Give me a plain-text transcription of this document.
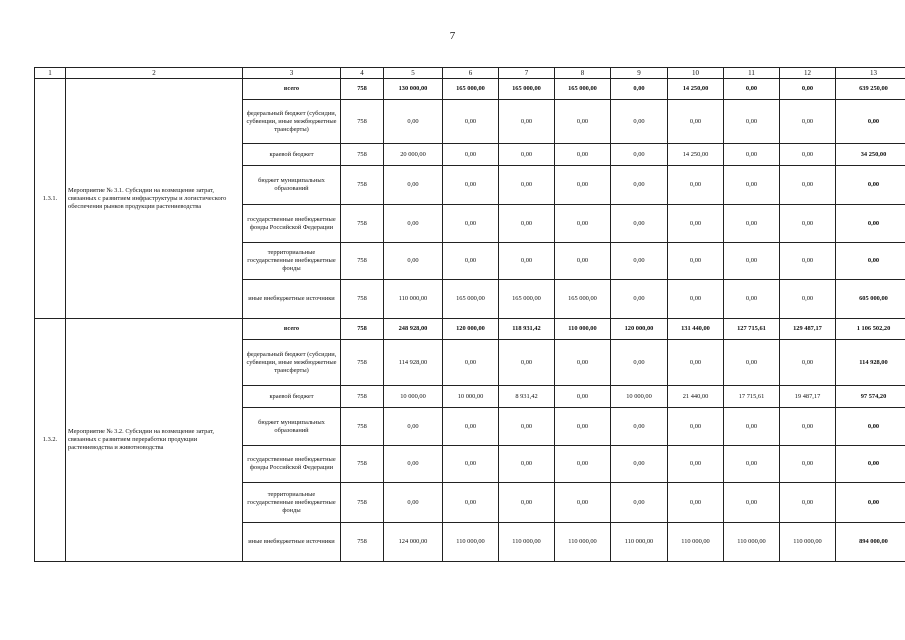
7
1	2	3	4	5	6	7	8	9	10	11	12	13
1.3.1.	Мероприятие № 3.1. Субсидии на возмещение затрат, связанных с развитием инфраструктуры и логистического обеспечения рынков продукции растениеводства	всего	758	130 000,00	165 000,00	165 000,00	165 000,00	0,00	14 250,00	0,00	0,00	639 250,00
		федеральный бюджет (субсидии, субвенции, иные межбюджетные трансферты)	758	0,00	0,00	0,00	0,00	0,00	0,00	0,00	0,00	0,00
		краевой бюджет	758	20 000,00	0,00	0,00	0,00	0,00	14 250,00	0,00	0,00	34 250,00
		бюджет муниципальных образований	758	0,00	0,00	0,00	0,00	0,00	0,00	0,00	0,00	0,00
		государственные внебюджетные фонды Российской Федерации	758	0,00	0,00	0,00	0,00	0,00	0,00	0,00	0,00	0,00
		территориальные государственные внебюджетные фонды	758	0,00	0,00	0,00	0,00	0,00	0,00	0,00	0,00	0,00
		иные внебюджетные источники	758	110 000,00	165 000,00	165 000,00	165 000,00	0,00	0,00	0,00	0,00	605 000,00
1.3.2.	Мероприятие № 3.2. Субсидии на возмещение затрат, связанных с развитием переработки продукции растениеводства и животноводства	всего	758	248 928,00	120 000,00	118 931,42	110 000,00	120 000,00	131 440,00	127 715,61	129 487,17	1 106 502,20
		федеральный бюджет (субсидии, субвенции, иные межбюджетные трансферты)	758	114 928,00	0,00	0,00	0,00	0,00	0,00	0,00	0,00	114 928,00
		краевой бюджет	758	10 000,00	10 000,00	8 931,42	0,00	10 000,00	21 440,00	17 715,61	19 487,17	97 574,20
		бюджет муниципальных образований	758	0,00	0,00	0,00	0,00	0,00	0,00	0,00	0,00	0,00
		государственные внебюджетные фонды Российской Федерации	758	0,00	0,00	0,00	0,00	0,00	0,00	0,00	0,00	0,00
		территориальные государственные внебюджетные фонды	758	0,00	0,00	0,00	0,00	0,00	0,00	0,00	0,00	0,00
		иные внебюджетные источники	758	124 000,00	110 000,00	110 000,00	110 000,00	110 000,00	110 000,00	110 000,00	110 000,00	894 000,00
